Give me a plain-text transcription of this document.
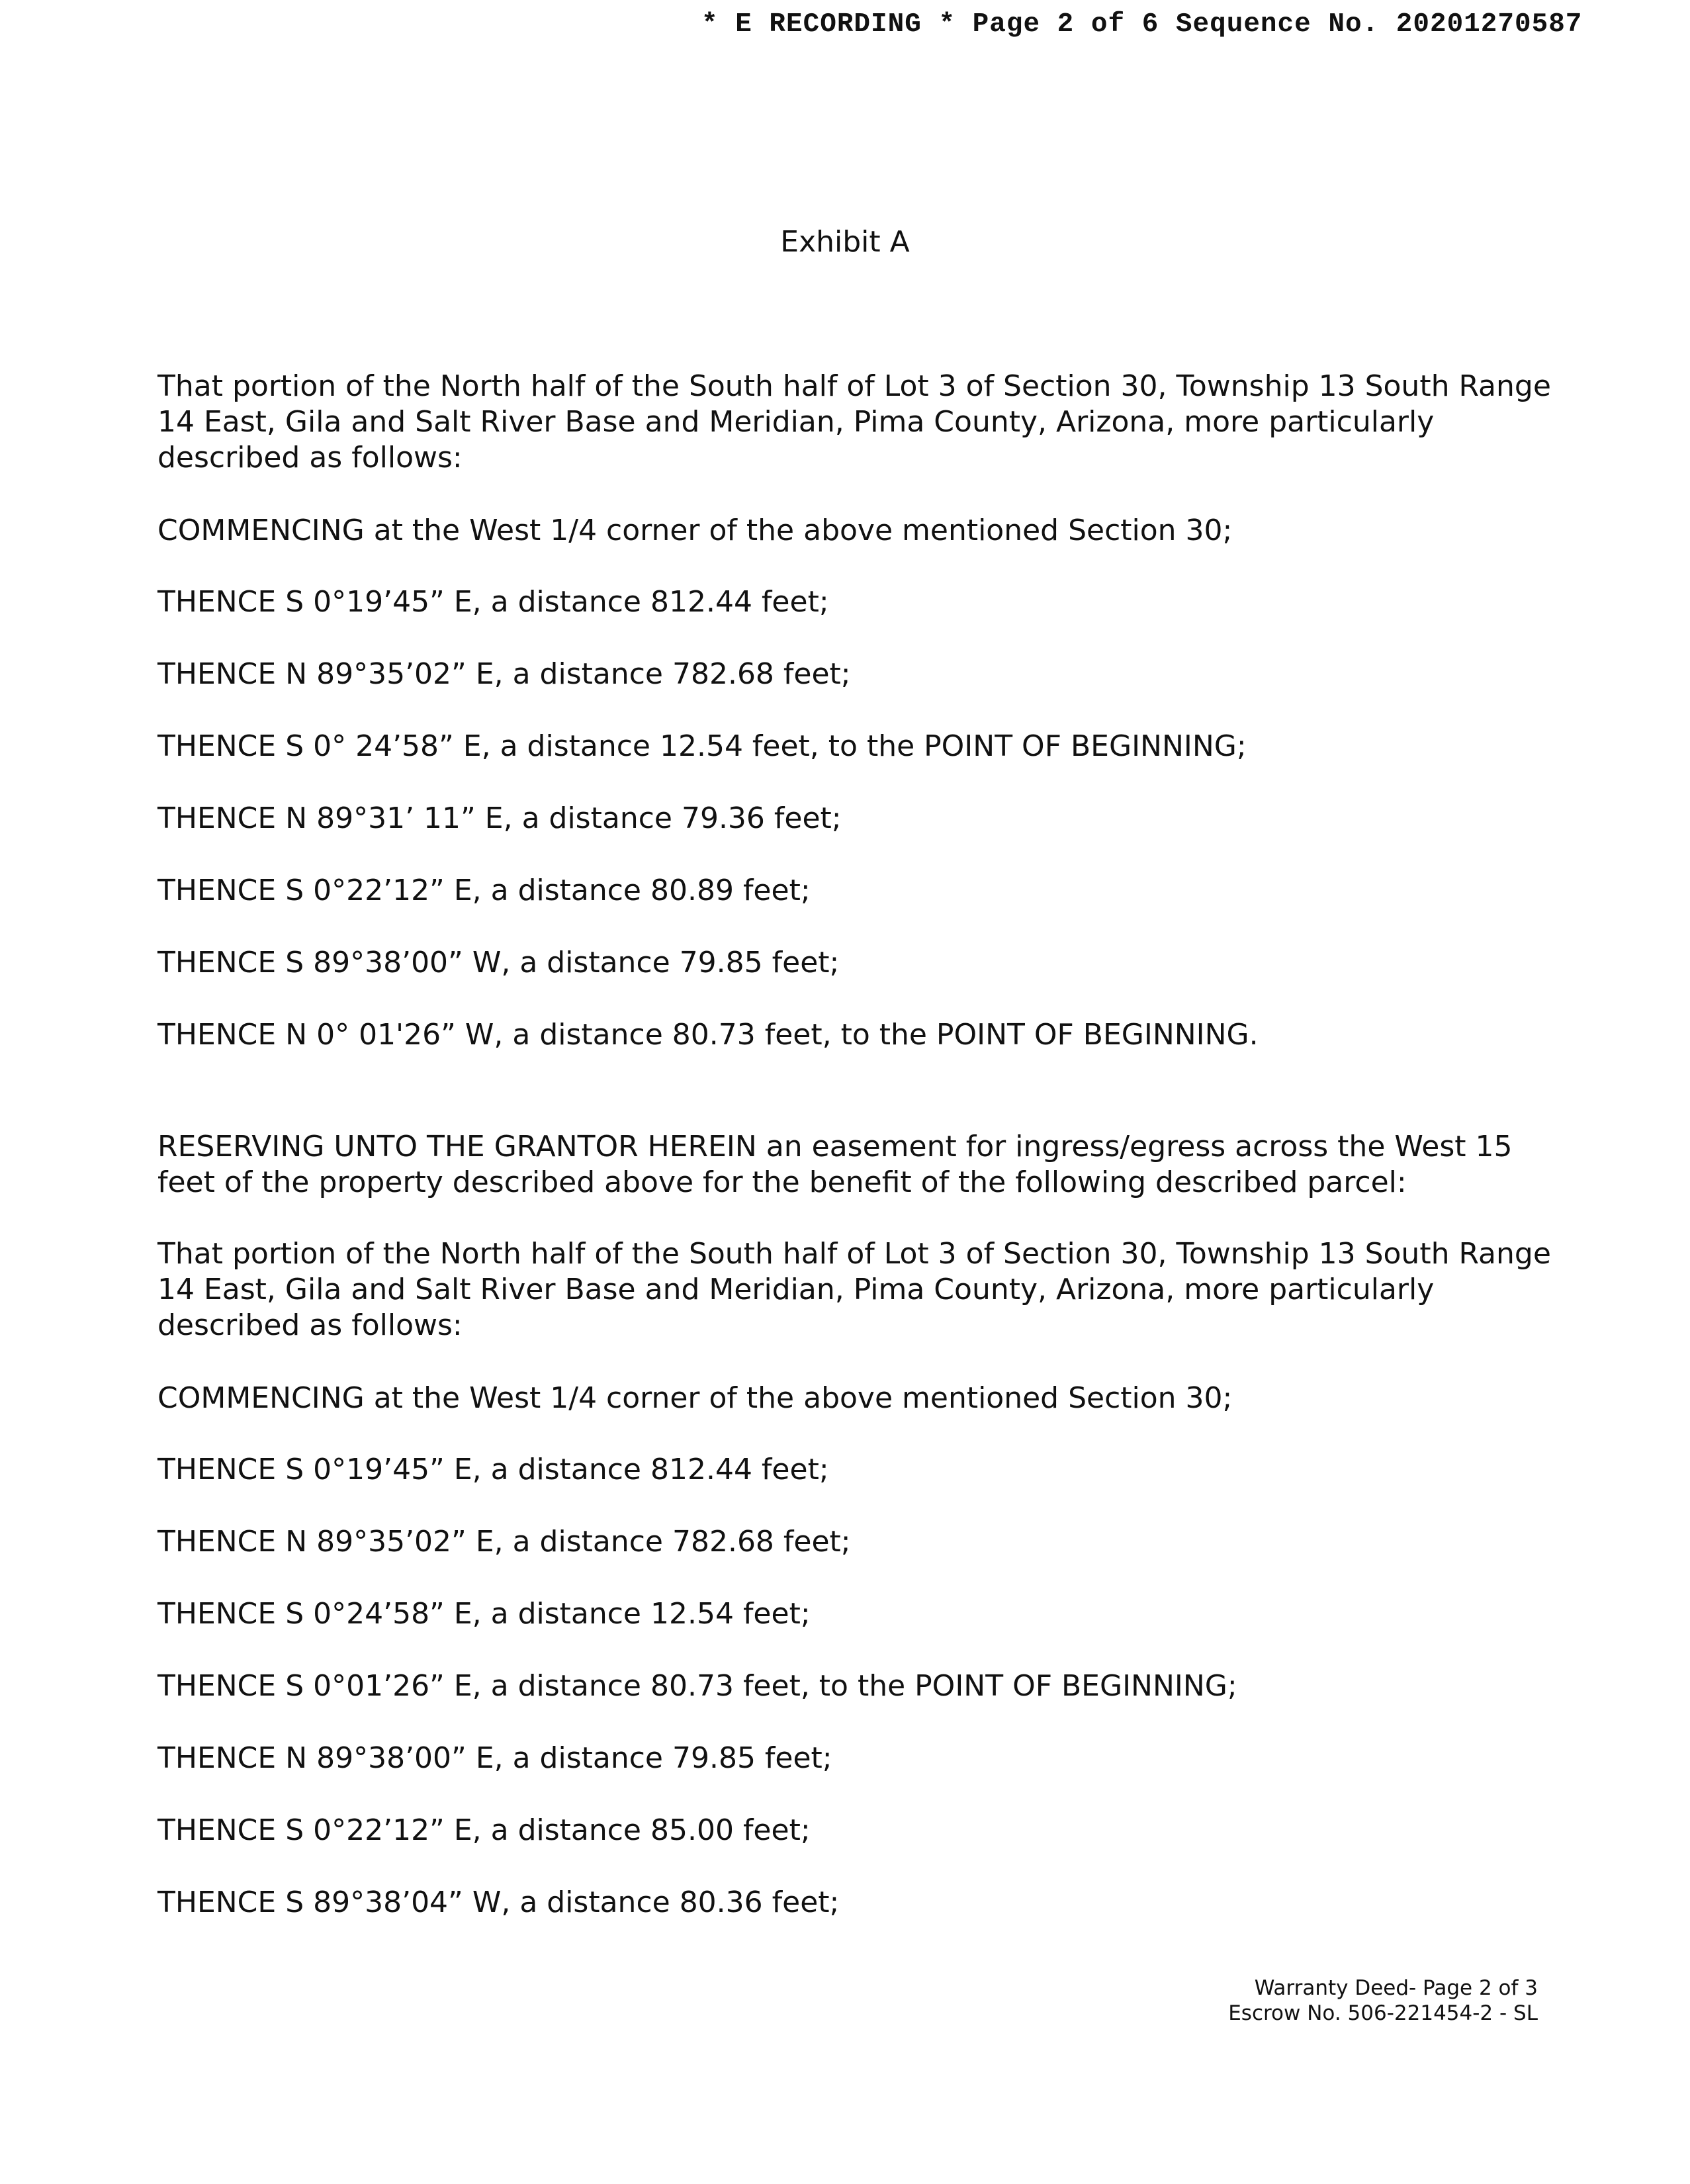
* E RECORDING * Page 2 of 6 Sequence No. 20201270587
Exhibit A

That portion of the North half of the South half of Lot 3 of Section 30, Township 13 South Range 14 East, Gila and Salt River Base and Meridian, Pima County, Arizona, more particularly described as follows:

COMMENCING at the West 1/4 corner of the above mentioned Section 30;

THENCE S 0°19’45” E, a distance 812.44 feet;

THENCE N 89°35’02” E, a distance 782.68 feet;

THENCE S 0° 24’58” E, a distance 12.54 feet, to the POINT OF BEGINNING;

THENCE N 89°31’ 11” E, a distance 79.36 feet;

THENCE S 0°22’12” E, a distance 80.89 feet;

THENCE S 89°38’00” W, a distance 79.85 feet;

THENCE N 0° 01'26” W, a distance 80.73 feet, to the POINT OF BEGINNING.

RESERVING UNTO THE GRANTOR HEREIN an easement for ingress/egress across the West 15 feet of the property described above for the benefit of the following described parcel:

That portion of the North half of the South half of Lot 3 of Section 30, Township 13 South Range 14 East, Gila and Salt River Base and Meridian, Pima County, Arizona, more particularly described as follows:

COMMENCING at the West 1/4 corner of the above mentioned Section 30;

THENCE S 0°19’45” E, a distance 812.44 feet;

THENCE N 89°35’02” E, a distance 782.68 feet;

THENCE S 0°24’58” E, a distance 12.54 feet;

THENCE S 0°01’26” E, a distance 80.73 feet, to the POINT OF BEGINNING;

THENCE N 89°38’00” E, a distance 79.85 feet;

THENCE S 0°22’12” E, a distance 85.00 feet;

THENCE S 89°38’04” W, a distance 80.36 feet;

Warranty Deed- Page 2 of 3
Escrow No. 506-221454-2 - SL
